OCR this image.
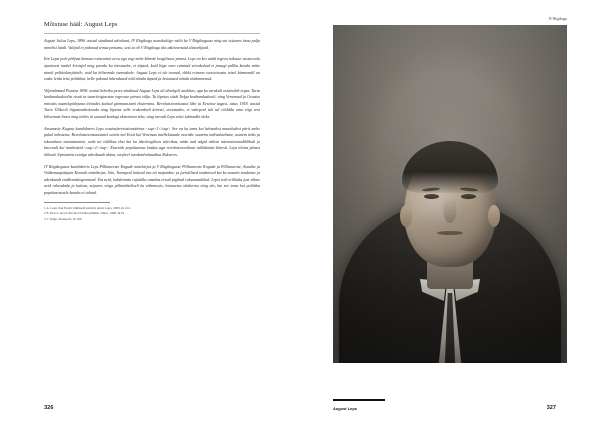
Mõistuse hääl: August Leps

August Julius Leps, 1896. aastal sündinud advokaat, IV Riigikogu asendusliige valiti ka V Riigikogusse ning sai sejuures üsna palju nimelisi hääli. Valijad ei pidanud temas pettuma, sest ta oli V Riigikogu üks aktiivsemaid sõnavõtjaid.

Ent Lepsi pole põhjust kinnata esinemiste arvu ega vegi mitte kõnede loogilisuse pärast. Leps on kes näidi tegeva isiksuse vastuvoolu ujumisest naskel krisisjal ning paraku ka töestuseks, et täpsed, kuid liiga vara catataid seisukohad ei pruugi pallka kasuks mitte ainult poliitiskarjäärile, vaid ka hilisemale tunnuskole. August Leps ei ole toonud, ehkki esimese isesisvisusta teisel kümnendil on raske leida teist poliitikut, kelle paknud lahendused olid nõnda täpsed ja hoiatused nõnda täidemnenud.

Viljandimaal Puiatus 1896. aastal kehviku peres sündinud August Leps oli ühvelgelt andekas, aga ka rarakult osisinaleb ergas. Tartu kaubanduskoolist risati ta taasriivigiarstae tegevuse pärast välja. Ta löpetas siiski Valga kaubanduskooli, ning Venemaal ja Grusias miivatis naamlupidajana töötades kaitsid gümnaasiumi eksternina. Revolutsioonisastut läbi ta Eestisse tagasi, astus 1918. aastal Tartu Ülikooli õigusteaduskonda ning löpetas selle erakordselt kiiresti, arvestades, et vahepeal tuli tal rööldda oma viigi eest hilisemast lisast ning tööles ai saanud kuidagi ekstrenina teha, ning raevalt Leps selat tahtnudki oleks.

Asstanssie Koguse kandidaeris Leps sotsinaferoistsionäärina.<sup>1</sup> See on ka tema kui kehvudest maaoludest pärit mehe pukul mõistetav. Revolutsioonsiaastatel sveitis mii Eesti kui Venemaa intellektuaale esserdie suureim individualisme, usarem tiöks ja iskuvahuse tunnustamine, seda nii isiklikus eksi kui ka ideoloogilises tulevikus, mida nad nägid rahem internationaaliklikult ja laicenalt kui marksistid.<sup>2</sup> Esseride populaarsus kaskus aga revolutsioonilaste mõõdumist kiiresti. Leps töötas pärast ülikooli löpetamist esialgu advokaadi abina, seejärel vandeadvokaadina Rakveres.

IV Riigikogusse kandideeris Leps Põllumeeste Kogude nimekirjas ja V Riigikogusse Põllumeeste Kogude ja Põllumeeste, Asunike ja Väikemaapidajate Koondu nimekirjas. Siin, Toompeal kulusid ära nii majandus- ja juriidilised teadmised kui ka maaelu tundmine ja advokaadi vaidlemiskogemused. Ent neid, kahtlemata rajiaklke omadus evisid pigihad rahvasaadikud. Lepsi treb erilikuks just võime neid rakendada ja kaitsta, sejuures veiga põhimõtteliselt ka vähemusis, lootusetus olukorras ning siis, kui see tema kui poliitiku populaarsusele kasuks ei tulnud.

1 A. Leps. Kui Eestit vältmseld juristid. Ando Leps, 2009, lk 122.

2 E. Kivvo. Kord olin ma rööviku püüdik. Olion, 1996, lk 61.

3 J. Valge. Punased I, lk 160.

326
IV Riigikogu
August Leps	327
